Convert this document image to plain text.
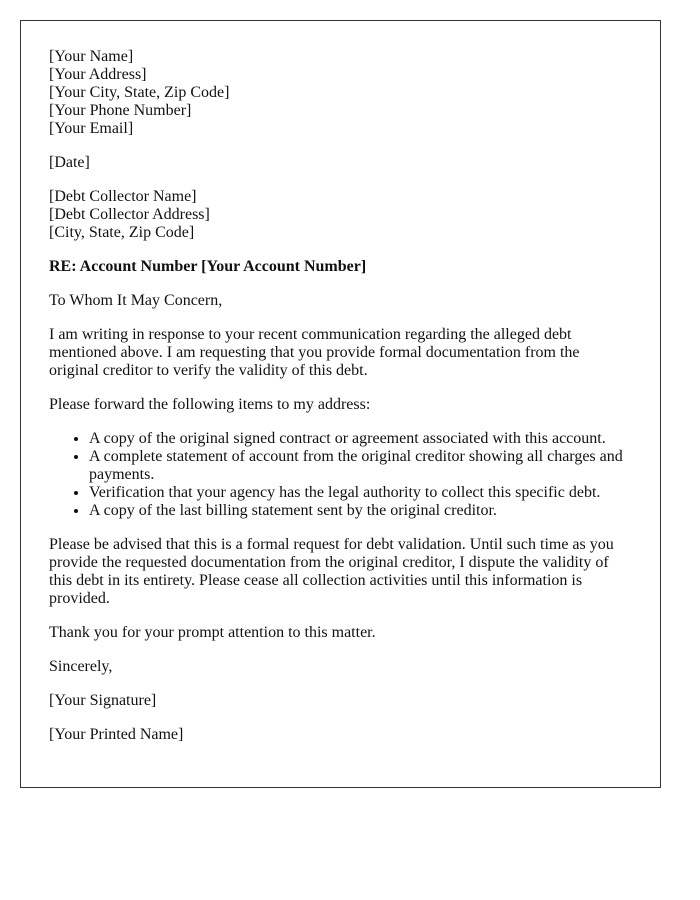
[Your Name]
[Your Address]
[Your City, State, Zip Code]
[Your Phone Number]
[Your Email]

[Date]

[Debt Collector Name]
[Debt Collector Address]
[City, State, Zip Code]

RE: Account Number [Your Account Number]

To Whom It May Concern,

I am writing in response to your recent communication regarding the alleged debt mentioned above. I am requesting that you provide formal documentation from the original creditor to verify the validity of this debt.

Please forward the following items to my address:

• A copy of the original signed contract or agreement associated with this account.
• A complete statement of account from the original creditor showing all charges and payments.
• Verification that your agency has the legal authority to collect this specific debt.
• A copy of the last billing statement sent by the original creditor.

Please be advised that this is a formal request for debt validation. Until such time as you provide the requested documentation from the original creditor, I dispute the validity of this debt in its entirety. Please cease all collection activities until this information is provided.

Thank you for your prompt attention to this matter.

Sincerely,

[Your Signature]

[Your Printed Name]
